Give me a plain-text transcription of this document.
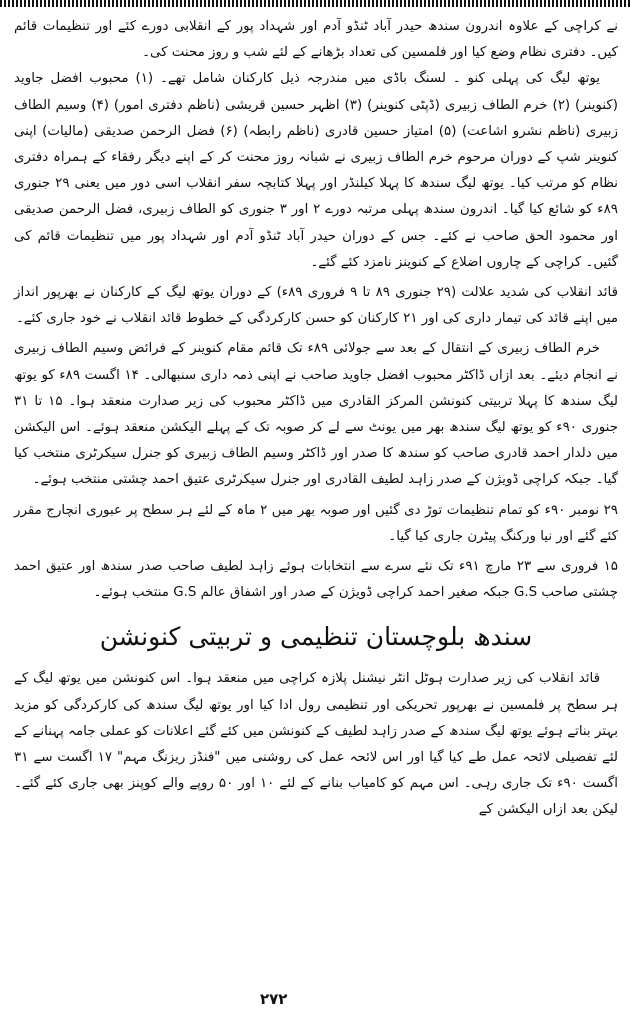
نے کراچی کے علاوہ اندرون سندھ حیدر آباد ٹنڈو آدم اور شہداد پور کے انقلابی دورے کئے اور تنظیمات قائم کیں۔ دفتری نظام وضع کیا اور فلمسین کی تعداد بڑھانے کے لئے شب و روز محنت کی۔

یوتھ لیگ کی پہلی کنو ۔ لسنگ باڈی میں مندرجہ ذیل کارکنان شامل تھے۔ (۱) محبوب افضل جاوید (کنوینر) (۲) خرم الطاف زبیری (ڈپٹی کنوینر) (۳) اظہر حسین قریشی (ناظم دفتری امور) (۴) وسیم الطاف زبیری (ناظم نشرو اشاعت) (۵) امتیاز حسین قادری (ناظم رابطہ) (۶) فضل الرحمن صدیقی (مالیات) اپنی کنوینر شپ کے دوران مرحوم خرم الطاف زبیری نے شبانہ روز محنت کر کے اپنے دیگر رفقاء کے ہمراہ دفتری نظام کو مرتب کیا۔ یوتھ لیگ سندھ کا پہلا کیلنڈر اور پہلا کتابچہ سفر انقلاب اسی دور میں یعنی ۲۹ جنوری ۸۹ء کو شائع کیا گیا۔ اندرون سندھ پہلی مرتبہ دورے ۲ اور ۳ جنوری کو الطاف زبیری، فضل الرحمن صدیقی اور محمود الحق صاحب نے کئے۔ جس کے دوران حیدر آباد ٹنڈو آدم اور شہداد پور میں تنظیمات قائم کی گئیں۔ کراچی کے چاروں اضلاع کے کنوینز نامزد کئے گئے۔

قائد انقلاب کی شدید علالت (۲۹ جنوری ۸۹ تا ۹ فروری ۸۹ء) کے دوران یوتھ لیگ کے کارکنان نے بھرپور انداز میں اپنے قائد کی تیمار داری کی اور ۲۱ کارکنان کو حسن کارکردگی کے خطوط قائد انقلاب نے خود جاری کئے۔

خرم الطاف زبیری کے انتقال کے بعد سے جولائی ۸۹ء تک قائم مقام کنوینر کے فرائض وسیم الطاف زبیری نے انجام دیئے۔ بعد ازاں ڈاکٹر محبوب افضل جاوید صاحب نے اپنی ذمہ داری سنبھالی۔ ۱۴ اگست ۸۹ء کو یوتھ لیگ سندھ کا پہلا تربیتی کنونشن المرکز القادری میں ڈاکٹر محبوب کی زیر صدارت منعقد ہوا۔ ۱۵ تا ۳۱ جنوری ۹۰ء کو یوتھ لیگ سندھ بھر میں یونٹ سے لے کر صوبہ تک کے پہلے الیکشن منعقد ہوئے۔ اس الیکشن میں دلدار احمد قادری صاحب کو سندھ کا صدر اور ڈاکٹر وسیم الطاف زبیری کو جنرل سیکرٹری منتخب کیا گیا۔ جبکہ کراچی ڈویژن کے صدر زاہد لطیف القادری اور جنرل سیکرٹری عتیق احمد چشتی منتخب ہوئے۔

۲۹ نومبر ۹۰ء کو تمام تنظیمات توڑ دی گئیں اور صوبہ بھر میں ۲ ماہ کے لئے ہر سطح پر عبوری انچارج مقرر کئے گئے اور نیا ورکنگ پیٹرن جاری کیا گیا۔

۱۵ فروری سے ۲۳ مارچ ۹۱ء تک نئے سرے سے انتخابات ہوئے زاہد لطیف صاحب صدر سندھ اور عتیق احمد چشتی صاحب G.S جبکہ صغیر احمد کراچی ڈویژن کے صدر اور اشفاق عالم G.S منتخب ہوئے۔

سندھ بلوچستان تنظیمی و تربیتی کنونشن

قائد انقلاب کی زیر صدارت ہوٹل انٹر نیشنل پلازہ کراچی میں منعقد ہوا۔ اس کنونشن میں یوتھ لیگ کے ہر سطح پر فلمسین نے بھرپور تحریکی اور تنظیمی رول ادا کیا اور یوتھ لیگ سندھ کی کارکردگی کو مزید بہتر بناتے ہوئے یوتھ لیگ سندھ کے صدر زاہد لطیف کے کنونشن میں کئے گئے اعلانات کو عملی جامہ پہنانے کے لئے تفصیلی لائحہ عمل طے کیا گیا اور اس لائحہ عمل کی روشنی میں "فنڈز ریزنگ مہم" ۱۷ اگست سے ۳۱ اگست ۹۰ء تک جاری رہی۔ اس مہم کو کامیاب بنانے کے لئے ۱۰ اور ۵۰ روپے والے کوپنز بھی جاری کئے گئے۔ لیکن بعد ازاں الیکشن کے

۲۷۲
